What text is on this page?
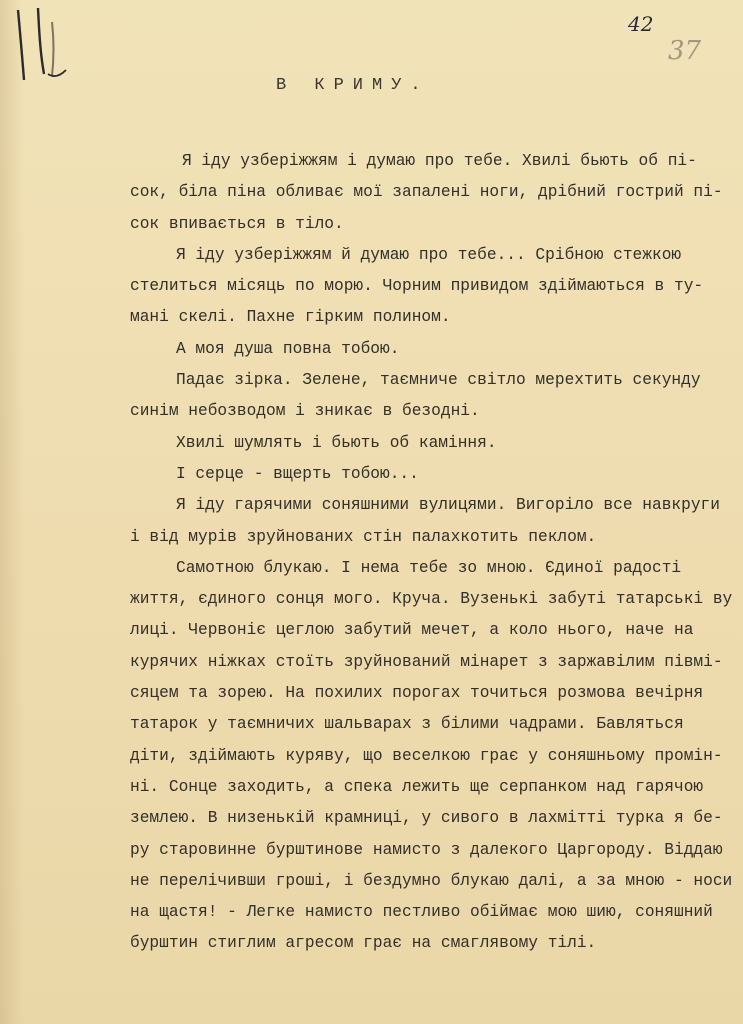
42
37
В КРИМУ.
Я іду узберіжжям і думаю про тебе. Хвилі бьють об пі-
сок, біла піна обливає мої запалені ноги, дрібний гострий пі-
сок впивається в тіло.
Я іду узберіжжям й думаю про тебе... Срібною стежкою
стелиться місяць по морю. Чорним привидом здіймаються в ту-
мані скелі. Пахне гірким полином.
А моя душа повна тобою.
Падає зірка. Зелене, таємниче світло мерехтить секунду
синім небозводом і зникає в безодні.
Хвилі шумлять і бьють об каміння.
І серце - вщерть тобою...
Я іду гарячими соняшними вулицями. Вигоріло все навкруги
і від мурів зруйнованих стін палахкотить пеклом.
Самотною блукаю. І нема тебе зо мною. Єдиної радості
життя, єдиного сонця мого. Круча. Вузенькі забуті татарські ву
лиці. Червоніє цеглою забутий мечет, а коло нього, наче на
курячих ніжках стоїть зруйнований мінарет з заржавілим півмі-
сяцем та зорею. На похилих порогах точиться розмова вечірня
татарок у таємничих шальварах з білими чадрами. Бавляться
діти, здіймають куряву, що веселкою грає у соняшньому промін-
ні. Сонце заходить, а спека лежить ще серпанком над гарячою
землею. В низенькій крамниці, у сивого в лахмітті турка я бе-
ру старовинне бурштинове намисто з далекого Царгороду. Віддаю
не перелічивши гроші, і бездумно блукаю далі, а за мною - носи
на щастя! - Легке намисто пестливо обіймає мою шию, соняшний
бурштин стиглим агресом грає на смаглявому тілі.
